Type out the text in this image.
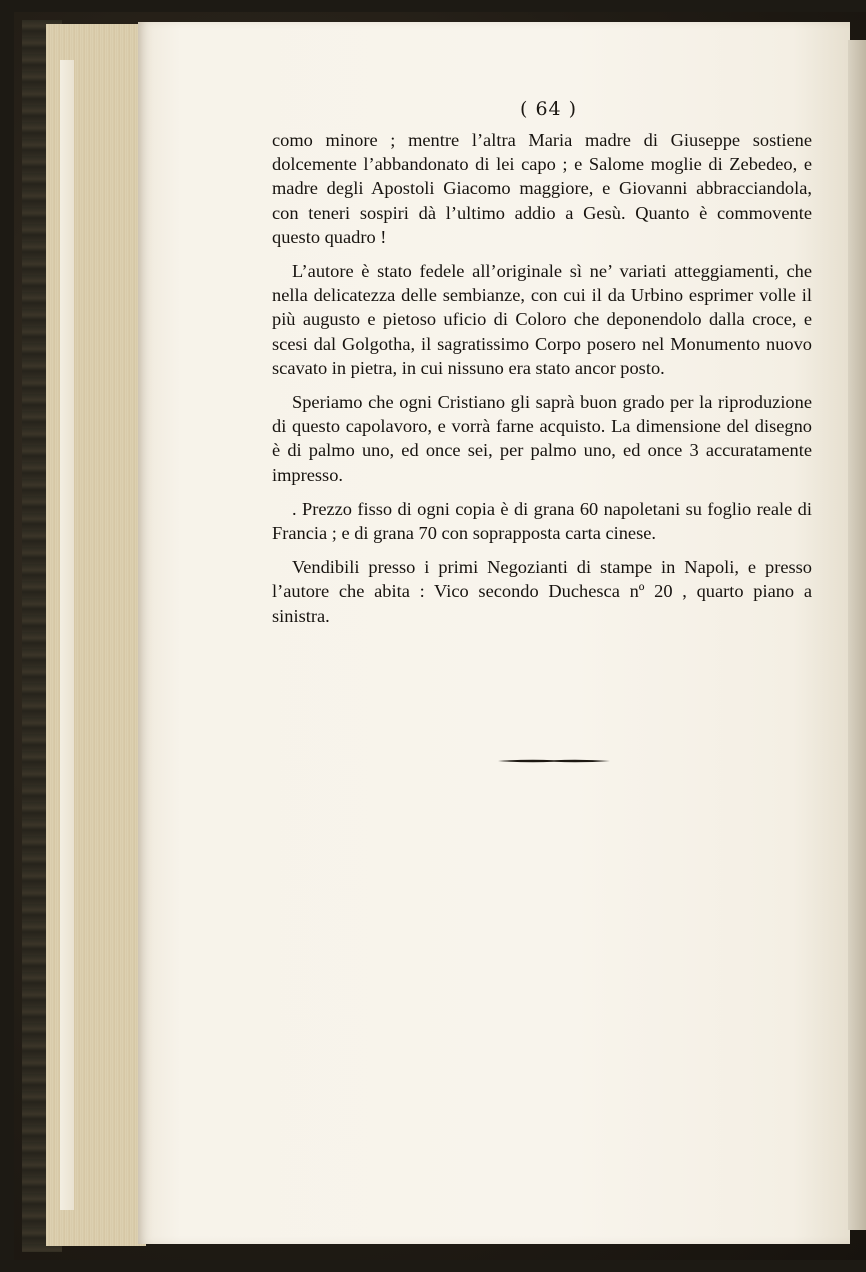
( 64 )

como minore ; mentre l’altra Maria madre di Giuseppe sostiene dolcemente l’abbandonato di lei capo ; e Salome moglie di Zebedeo, e madre degli Apostoli Giacomo maggiore, e Giovanni abbracciandola, con teneri sospiri dà l’ultimo addio a Gesù. Quanto è commovente questo quadro !

L’autore è stato fedele all’originale sì ne’ variati atteggiamenti, che nella delicatezza delle sembianze, con cui il da Urbino esprimer volle il più augusto e pietoso uficio di Coloro che deponendolo dalla croce, e scesi dal Golgotha, il sagratissimo Corpo posero nel Monumento nuovo scavato in pietra, in cui nissuno era stato ancor posto.

Speriamo che ogni Cristiano gli saprà buon grado per la riproduzione di questo capolavoro, e vorrà farne acquisto. La dimensione del disegno è di palmo uno, ed once sei, per palmo uno, ed once 3 accuratamente impresso.

. Prezzo fisso di ogni copia è di grana 60 napoletani su foglio reale di Francia ; e di grana 70 con soprapposta carta cinese.

Vendibili presso i primi Negozianti di stampe in Napoli, e presso l’autore che abita : Vico secondo Duchesca nº 20 , quarto piano a sinistra.
